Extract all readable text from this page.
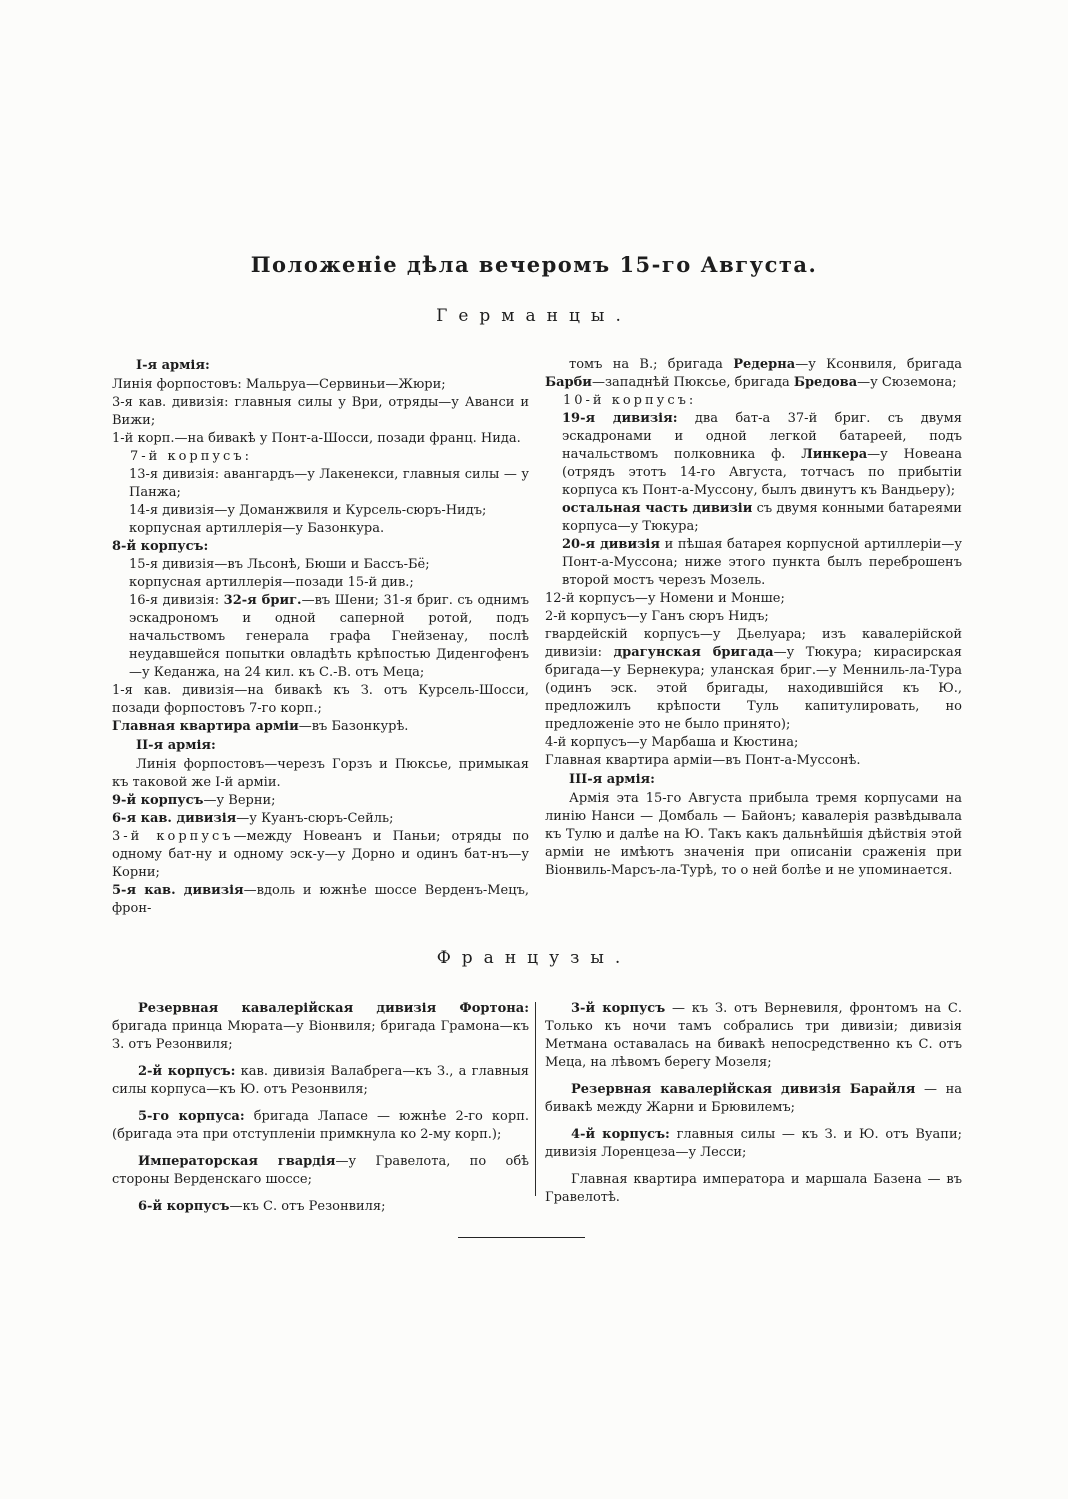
Положеніе дѣла вечеромъ 15-го Августа.
Германцы.

I-я армія:

Линія форпостовъ: Мальруа—Сервиньи—Жюри;

3-я кав. дивизія: главныя силы у Ври, отряды—у Аванси и Вижи;

1-й корп.—на бивакѣ у Понт-а-Шосси, позади франц. Нида.

7-й корпусъ:

13-я дивизія: авангардъ—у Лакенекси, главныя силы — у Панжа;

14-я дивизія—у Доманжвиля и Курсель-сюръ-Нидъ;

корпусная артиллерія—у Базонкура.

8-й корпусъ:

15-я дивизія—въ Льсонѣ, Бюши и Бассъ-Бё;

корпусная артиллерія—позади 15-й див.;

16-я дивизія: 32-я бриг.—въ Шени; 31-я бриг. съ однимъ эскадрономъ и одной саперной ротой, подъ начальствомъ генерала графа Гнейзенау, послѣ неудавшейся попытки овладѣть крѣпостью Диденгофенъ—у Кеданжа, на 24 кил. къ С.-В. отъ Меца;

1-я кав. дивизія—на бивакѣ къ З. отъ Курсель-Шосси, позади форпостовъ 7-го корп.;

Главная квартира арміи—въ Базонкурѣ.

II-я армія:

Линія форпостовъ—черезъ Горзъ и Пюксье, примыкая къ таковой же I-й арміи.

9-й корпусъ—у Верни;

6-я кав. дивизія—у Куанъ-сюръ-Сейль;

3-й корпусъ—между Новеанъ и Паньи; отряды по одному бат-ну и одному эск-у—у Дорно и одинъ бат-нъ—у Корни;

5-я кав. дивизія—вдоль и южнѣе шоссе Верденъ-Мецъ, фрон-

томъ на В.; бригада Редерна—у Ксонвиля, бригада Барби—западнѣй Пюксье, бригада Бредова—у Сюземона;

10-й корпусъ:

19-я дивизія: два бат-а 37-й бриг. съ двумя эскадронами и одной легкой батареей, подъ начальствомъ полковника ф. Линкера—у Новеана (отрядъ этотъ 14-го Августа, тотчасъ по прибытіи корпуса къ Понт-а-Муссону, былъ двинутъ къ Вандьеру);

остальная часть дивизіи съ двумя конными батареями корпуса—у Тюкура;

20-я дивизія и пѣшая батарея корпусной артиллеріи—у Понт-а-Муссона; ниже этого пункта былъ переброшенъ второй мостъ черезъ Мозель.

12-й корпусъ—у Номени и Монше;

2-й корпусъ—у Ганъ сюръ Нидъ;

гвардейскій корпусъ—у Дьелуара; изъ кавалерійской дивизіи: драгунская бригада—у Тюкура; кирасирская бригада—у Бернекура; уланская бриг.—у Менниль-ла-Тура (одинъ эск. этой бригады, находившійся къ Ю., предложилъ крѣпости Туль капитулировать, но предложеніе это не было принято);

4-й корпусъ—у Марбаша и Кюстина;

Главная квартира арміи—въ Понт-а-Муссонѣ.

III-я армія:

Армія эта 15-го Августа прибыла тремя корпусами на линію Нанси — Домбаль — Байонъ; кавалерія развѣдывала къ Тулю и далѣе на Ю. Такъ какъ дальнѣйшія дѣйствія этой арміи не имѣютъ значенія при описаніи сраженія при Віонвиль-Марсъ-ла-Турѣ, то о ней болѣе и не упоминается.

Французы.

Резервная кавалерійская дивизія Фортона: бригада принца Мюрата—у Віонвиля; бригада Грамона—къ З. отъ Резонвиля;

2-й корпусъ: кав. дивизія Валабрега—къ З., а главныя силы корпуса—къ Ю. отъ Резонвиля;

5-го корпуса: бригада Лапасе — южнѣе 2-го корп. (бригада эта при отступленіи примкнула ко 2-му корп.);

Императорская гвардія—у Гравелота, по обѣ стороны Верденскаго шоссе;

6-й корпусъ—къ С. отъ Резонвиля;

3-й корпусъ — къ З. отъ Верневиля, фронтомъ на С. Только къ ночи тамъ собрались три дивизіи; дивизія Метмана оставалась на бивакѣ непосредственно къ С. отъ Меца, на лѣвомъ берегу Мозеля;

Резервная кавалерійская дивизія Барайля — на бивакѣ между Жарни и Брювилемъ;

4-й корпусъ: главныя силы — къ З. и Ю. отъ Вуапи; дивизія Лоренцеза—у Лесси;

Главная квартира императора и маршала Базена — въ Гравелотѣ.
